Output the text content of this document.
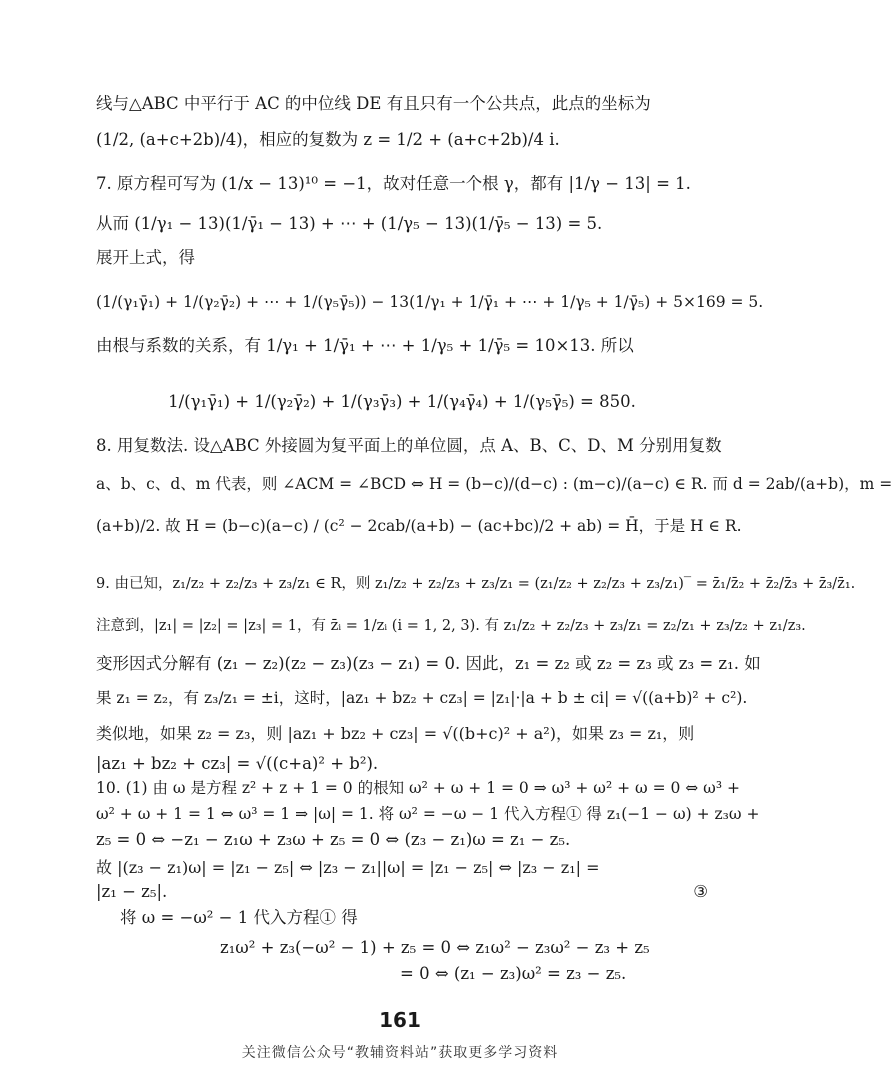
线与△ABC 中平行于 AC 的中位线 DE 有且只有一个公共点，此点的坐标为
(1/2, (a+c+2b)/4)，相应的复数为 z = 1/2 + (a+c+2b)/4 i.
7. 原方程可写为 (1/x − 13)¹⁰ = −1，故对任意一个根 γ，都有 |1/γ − 13| = 1.
从而 (1/γ₁ − 13)(1/γ̄₁ − 13) + ⋯ + (1/γ₅ − 13)(1/γ̄₅ − 13) = 5.
展开上式，得
(1/(γ₁γ̄₁) + 1/(γ₂γ̄₂) + ⋯ + 1/(γ₅γ̄₅)) − 13(1/γ₁ + 1/γ̄₁ + ⋯ + 1/γ₅ + 1/γ̄₅) + 5×169 = 5.
由根与系数的关系，有 1/γ₁ + 1/γ̄₁ + ⋯ + 1/γ₅ + 1/γ̄₅ = 10×13. 所以
1/(γ₁γ̄₁) + 1/(γ₂γ̄₂) + 1/(γ₃γ̄₃) + 1/(γ₄γ̄₄) + 1/(γ₅γ̄₅) = 850.
8. 用复数法. 设△ABC 外接圆为复平面上的单位圆，点 A、B、C、D、M 分别用复数
a、b、c、d、m 代表，则 ∠ACM = ∠BCD ⇔ H = (b−c)/(d−c) : (m−c)/(a−c) ∈ R. 而 d = 2ab/(a+b)，m =
(a+b)/2. 故 H = (b−c)(a−c) / (c² − 2cab/(a+b) − (ac+bc)/2 + ab) = H̄，于是 H ∈ R.
9. 由已知，z₁/z₂ + z₂/z₃ + z₃/z₁ ∈ R，则 z₁/z₂ + z₂/z₃ + z₃/z₁ = (z₁/z₂ + z₂/z₃ + z₃/z₁)‾ = z̄₁/z̄₂ + z̄₂/z̄₃ + z̄₃/z̄₁.
注意到，|z₁| = |z₂| = |z₃| = 1，有 z̄ᵢ = 1/zᵢ (i = 1, 2, 3). 有 z₁/z₂ + z₂/z₃ + z₃/z₁ = z₂/z₁ + z₃/z₂ + z₁/z₃.
变形因式分解有 (z₁ − z₂)(z₂ − z₃)(z₃ − z₁) = 0. 因此，z₁ = z₂ 或 z₂ = z₃ 或 z₃ = z₁. 如
果 z₁ = z₂，有 z₃/z₁ = ±i，这时，|az₁ + bz₂ + cz₃| = |z₁|·|a + b ± ci| = √((a+b)² + c²).
类似地，如果 z₂ = z₃，则 |az₁ + bz₂ + cz₃| = √((b+c)² + a²)，如果 z₃ = z₁，则
|az₁ + bz₂ + cz₃| = √((c+a)² + b²).
10. (1) 由 ω 是方程 z² + z + 1 = 0 的根知 ω² + ω + 1 = 0 ⇒ ω³ + ω² + ω = 0 ⇔ ω³ +
ω² + ω + 1 = 1 ⇔ ω³ = 1 ⇒ |ω| = 1. 将 ω² = −ω − 1 代入方程① 得 z₁(−1 − ω) + z₃ω +
z₅ = 0 ⇔ −z₁ − z₁ω + z₃ω + z₅ = 0 ⇔ (z₃ − z₁)ω = z₁ − z₅.
故 |(z₃ − z₁)ω| = |z₁ − z₅| ⇔ |z₃ − z₁||ω| = |z₁ − z₅| ⇔ |z₃ − z₁| =
|z₁ − z₅|.	③
将 ω = −ω² − 1 代入方程① 得
z₁ω² + z₃(−ω² − 1) + z₅ = 0 ⇔ z₁ω² − z₃ω² − z₃ + z₅
= 0 ⇔ (z₁ − z₃)ω² = z₃ − z₅.
161
关注微信公众号“教辅资料站”获取更多学习资料
